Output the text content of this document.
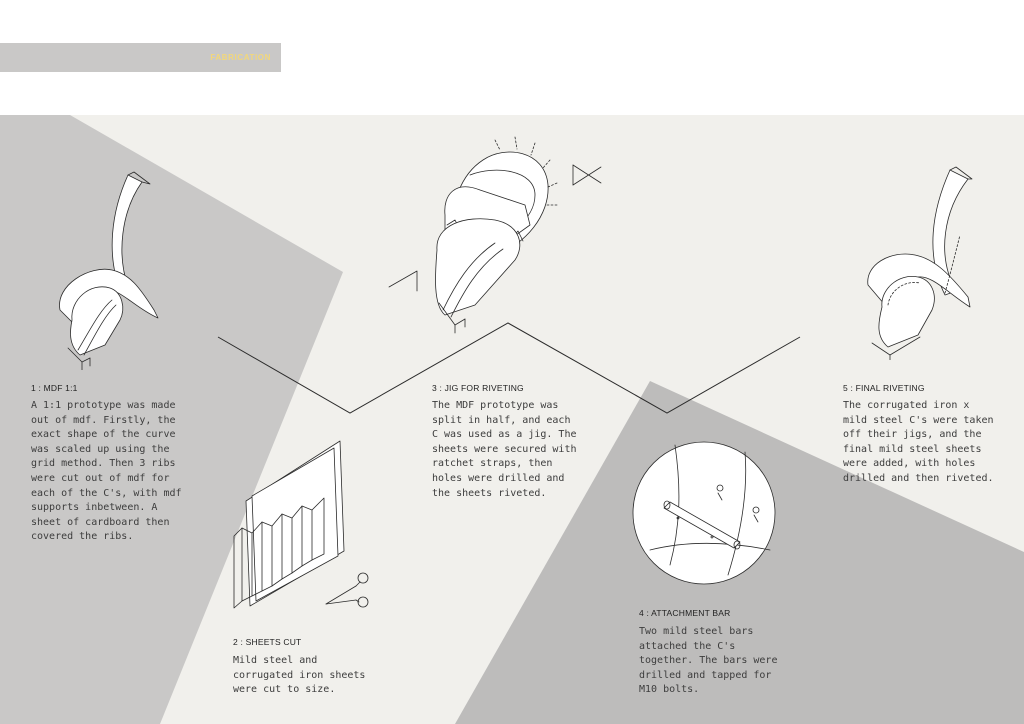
FABRICATION
1 : MDF 1:1
A 1:1 prototype was made
out of mdf. Firstly, the
exact shape of the curve
was scaled up using the
grid method. Then 3 ribs
were cut out of mdf for
each of the C's, with mdf
supports inbetween. A
sheet of cardboard then
covered the ribs.
2 : SHEETS CUT
Mild steel and
corrugated iron sheets
were cut to size.
3 : JIG FOR RIVETING
The MDF prototype was
split in half, and each
C was used as a jig. The
sheets were secured with
ratchet straps, then
holes were drilled and
the sheets riveted.
4 : ATTACHMENT BAR
Two mild steel bars
attached the C's
together. The bars were
drilled and tapped for
M10 bolts.
5 : FINAL RIVETING
The corrugated iron x
mild steel C's were taken
off their jigs, and the
final mild steel sheets
were added, with holes
drilled and then riveted.
